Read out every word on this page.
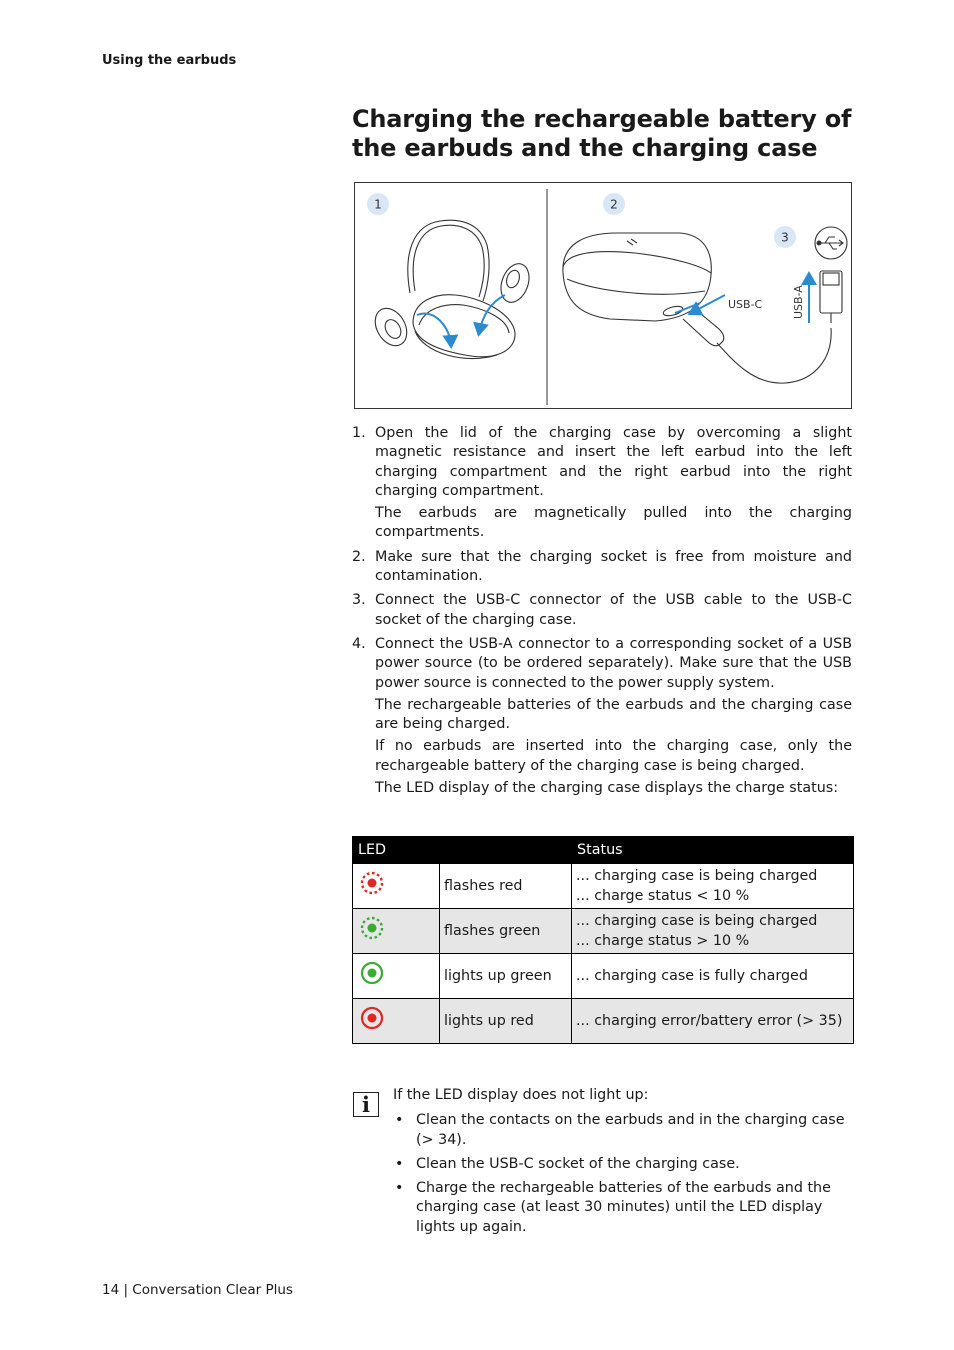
Using the earbuds
Charging the rechargeable battery of the earbuds and the charging case
1	2
3
USB-C	USB-A
1. Open the lid of the charging case by overcoming a slight magnetic resistance and insert the left earbud into the left charging compartment and the right earbud into the right charging compartment.
The earbuds are magnetically pulled into the charging compartments.
2. Make sure that the charging socket is free from moisture and contamination.
3. Connect the USB-C connector of the USB cable to the USB-C socket of the charging case.
4. Connect the USB-A connector to a corresponding socket of a USB power source (to be ordered separately). Make sure that the USB power source is connected to the power supply system.
The rechargeable batteries of the earbuds and the charging case are being charged.
If no earbuds are inserted into the charging case, only the rechargeable battery of the charging case is being charged.
The LED display of the charging case displays the charge status:
LED		Status
	flashes red	... charging case is being charged
... charge status < 10 %

	flashes green	... charging case is being charged
... charge status > 10 %

	lights up green	... charging case is fully charged

	lights up red	... charging error/battery error (> 35)
i	If the LED display does not light up:
• Clean the contacts on the earbuds and in the charging case (> 34).
• Clean the USB-C socket of the charging case.
• Charge the rechargeable batteries of the earbuds and the charging case (at least 30 minutes) until the LED display lights up again.
14 | Conversation Clear Plus
